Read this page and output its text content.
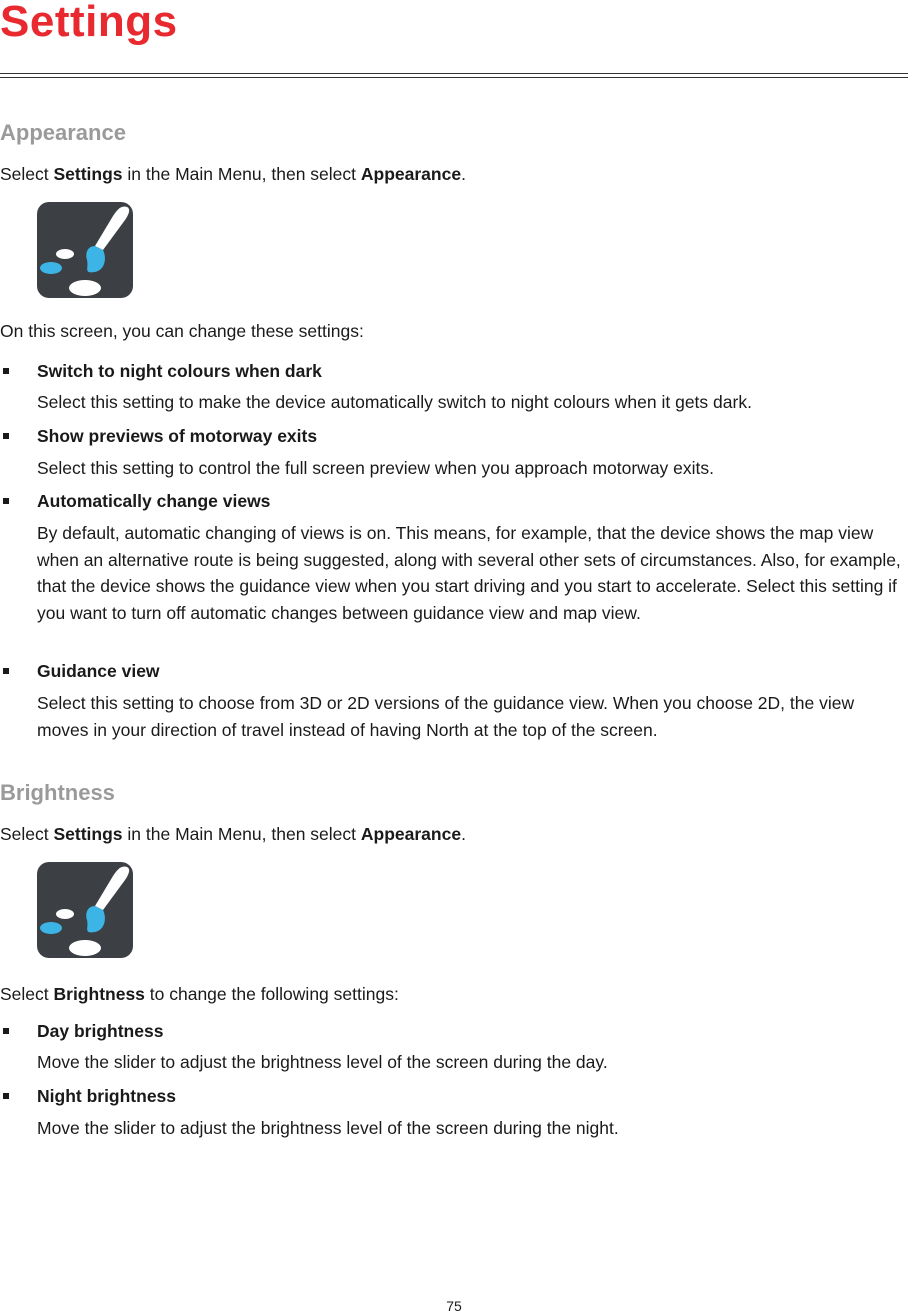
Settings
Appearance
Select Settings in the Main Menu, then select Appearance.
On this screen, you can change these settings:
Switch to night colours when dark
Select this setting to make the device automatically switch to night colours when it gets dark.
Show previews of motorway exits
Select this setting to control the full screen preview when you approach motorway exits.
Automatically change views
By default, automatic changing of views is on. This means, for example, that the device shows the map view when an alternative route is being suggested, along with several other sets of circumstances. Also, for example, that the device shows the guidance view when you start driving and you start to accelerate. Select this setting if you want to turn off automatic changes between guidance view and map view.
Guidance view
Select this setting to choose from 3D or 2D versions of the guidance view. When you choose 2D, the view moves in your direction of travel instead of having North at the top of the screen.
Brightness
Select Settings in the Main Menu, then select Appearance.
Select Brightness to change the following settings:
Day brightness
Move the slider to adjust the brightness level of the screen during the day.
Night brightness
Move the slider to adjust the brightness level of the screen during the night.
75
